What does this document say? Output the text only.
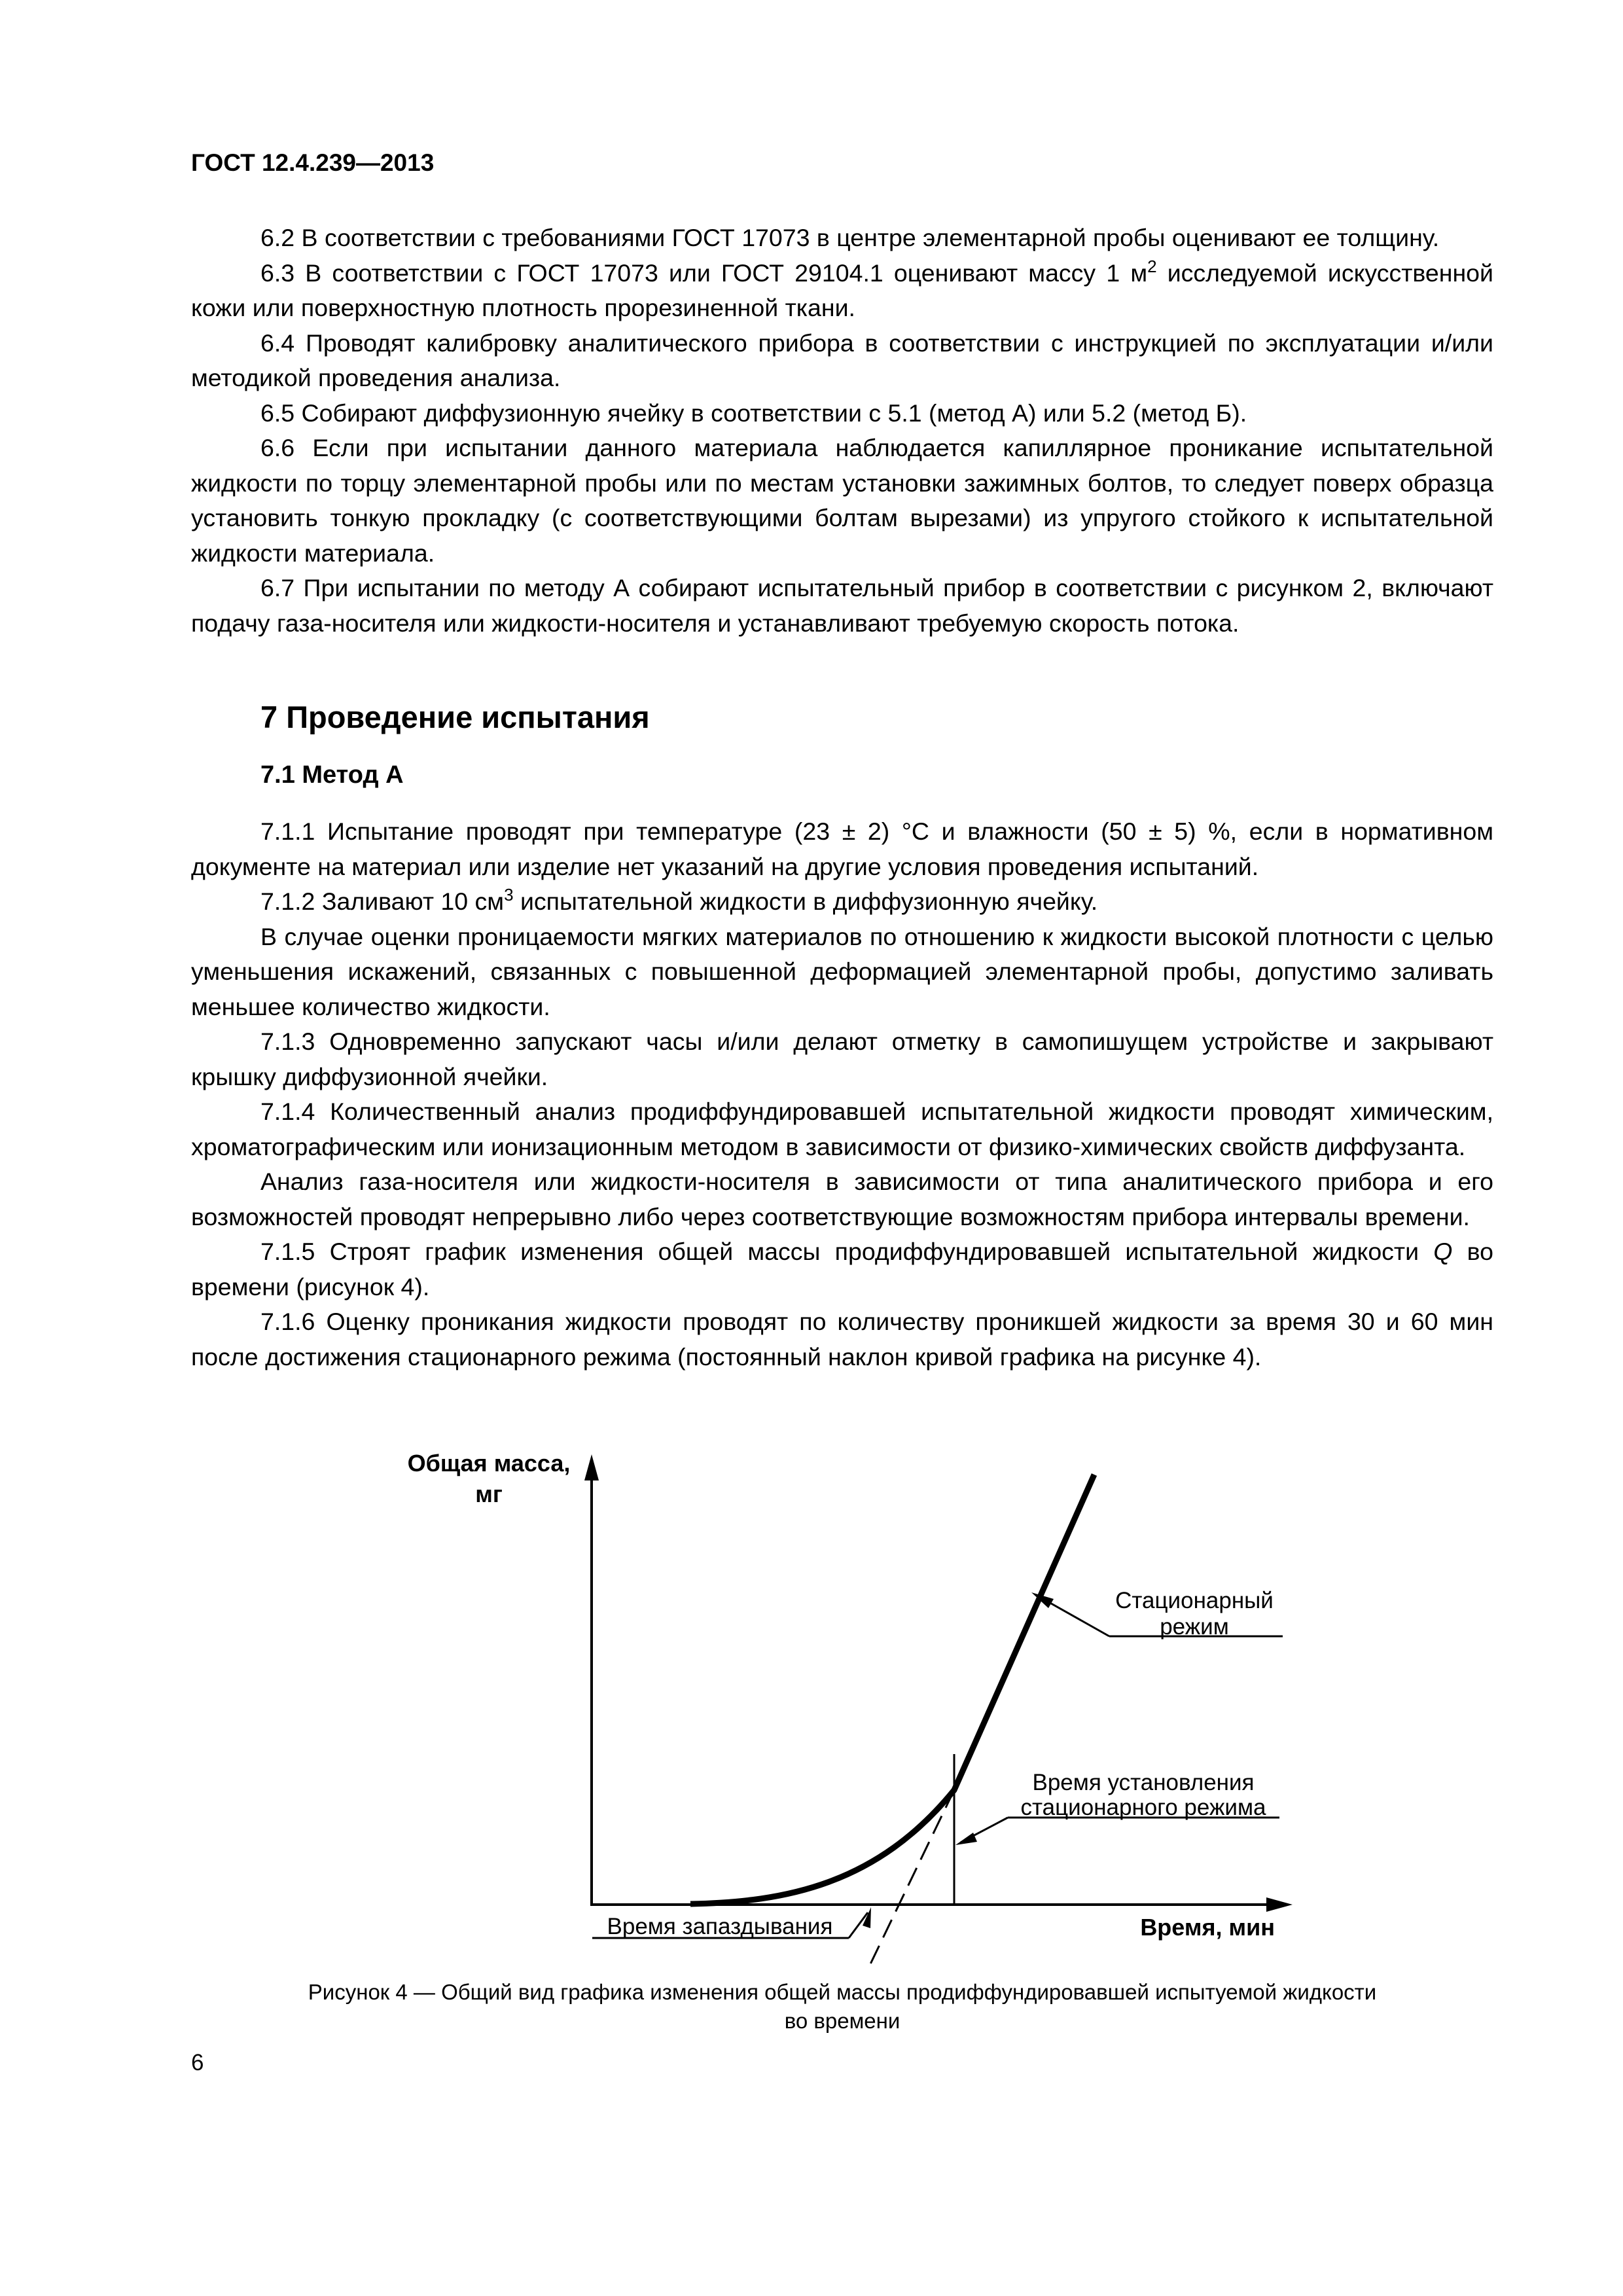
ГОСТ 12.4.239—2013

6.2 В соответствии с требованиями ГОСТ 17073 в центре элементарной пробы оценивают ее толщину.

6.3 В соответствии с ГОСТ 17073 или ГОСТ 29104.1 оценивают массу 1 $м^2$ исследуемой искусственной кожи или поверхностную плотность прорезиненной ткани.

6.4 Проводят калибровку аналитического прибора в соответствии с инструкцией по эксплуатации и/или методикой проведения анализа.

6.5 Собирают диффузионную ячейку в соответствии с 5.1 (метод А) или 5.2 (метод Б).

6.6 Если при испытании данного материала наблюдается капиллярное проникание испытательной жидкости по торцу элементарной пробы или по местам установки зажимных болтов, то следует поверх образца установить тонкую прокладку (с соответствующими болтам вырезами) из упругого стойкого к испытательной жидкости материала.

6.7 При испытании по методу А собирают испытательный прибор в соответствии с рисунком 2, включают подачу газа-носителя или жидкости-носителя и устанавливают требуемую скорость потока.

7 Проведение испытания
7.1 Метод А

7.1.1 Испытание проводят при температуре (23 ± 2) °С и влажности (50 ± 5) %, если в нормативном документе на материал или изделие нет указаний на другие условия проведения испытаний.

7.1.2 Заливают 10 $см^3$ испытательной жидкости в диффузионную ячейку.

В случае оценки проницаемости мягких материалов по отношению к жидкости высокой плотности с целью уменьшения искажений, связанных с повышенной деформацией элементарной пробы, допустимо заливать меньшее количество жидкости.

7.1.3 Одновременно запускают часы и/или делают отметку в самопишущем устройстве и закрывают крышку диффузионной ячейки.

7.1.4 Количественный анализ продиффундировавшей испытательной жидкости проводят химическим, хроматографическим или ионизационным методом в зависимости от физико-химических свойств диффузанта.

Анализ газа-носителя или жидкости-носителя в зависимости от типа аналитического прибора и его возможностей проводят непрерывно либо через соответствующие возможностям прибора интервалы времени.

7.1.5 Строят график изменения общей массы продиффундировавшей испытательной жидкости Q во времени (рисунок 4).

7.1.6 Оценку проникания жидкости проводят по количеству проникшей жидкости за время 30 и 60 мин после достижения стационарного режима (постоянный наклон кривой графика на рисунке 4).

Стационарный
режим
Время установления
стационарного режима
Время запаздывания
Общая масса,
мг
Время, мин
Рисунок 4 — Общий вид графика изменения общей массы продиффундировавшей испытуемой жидкости
во времени
6
